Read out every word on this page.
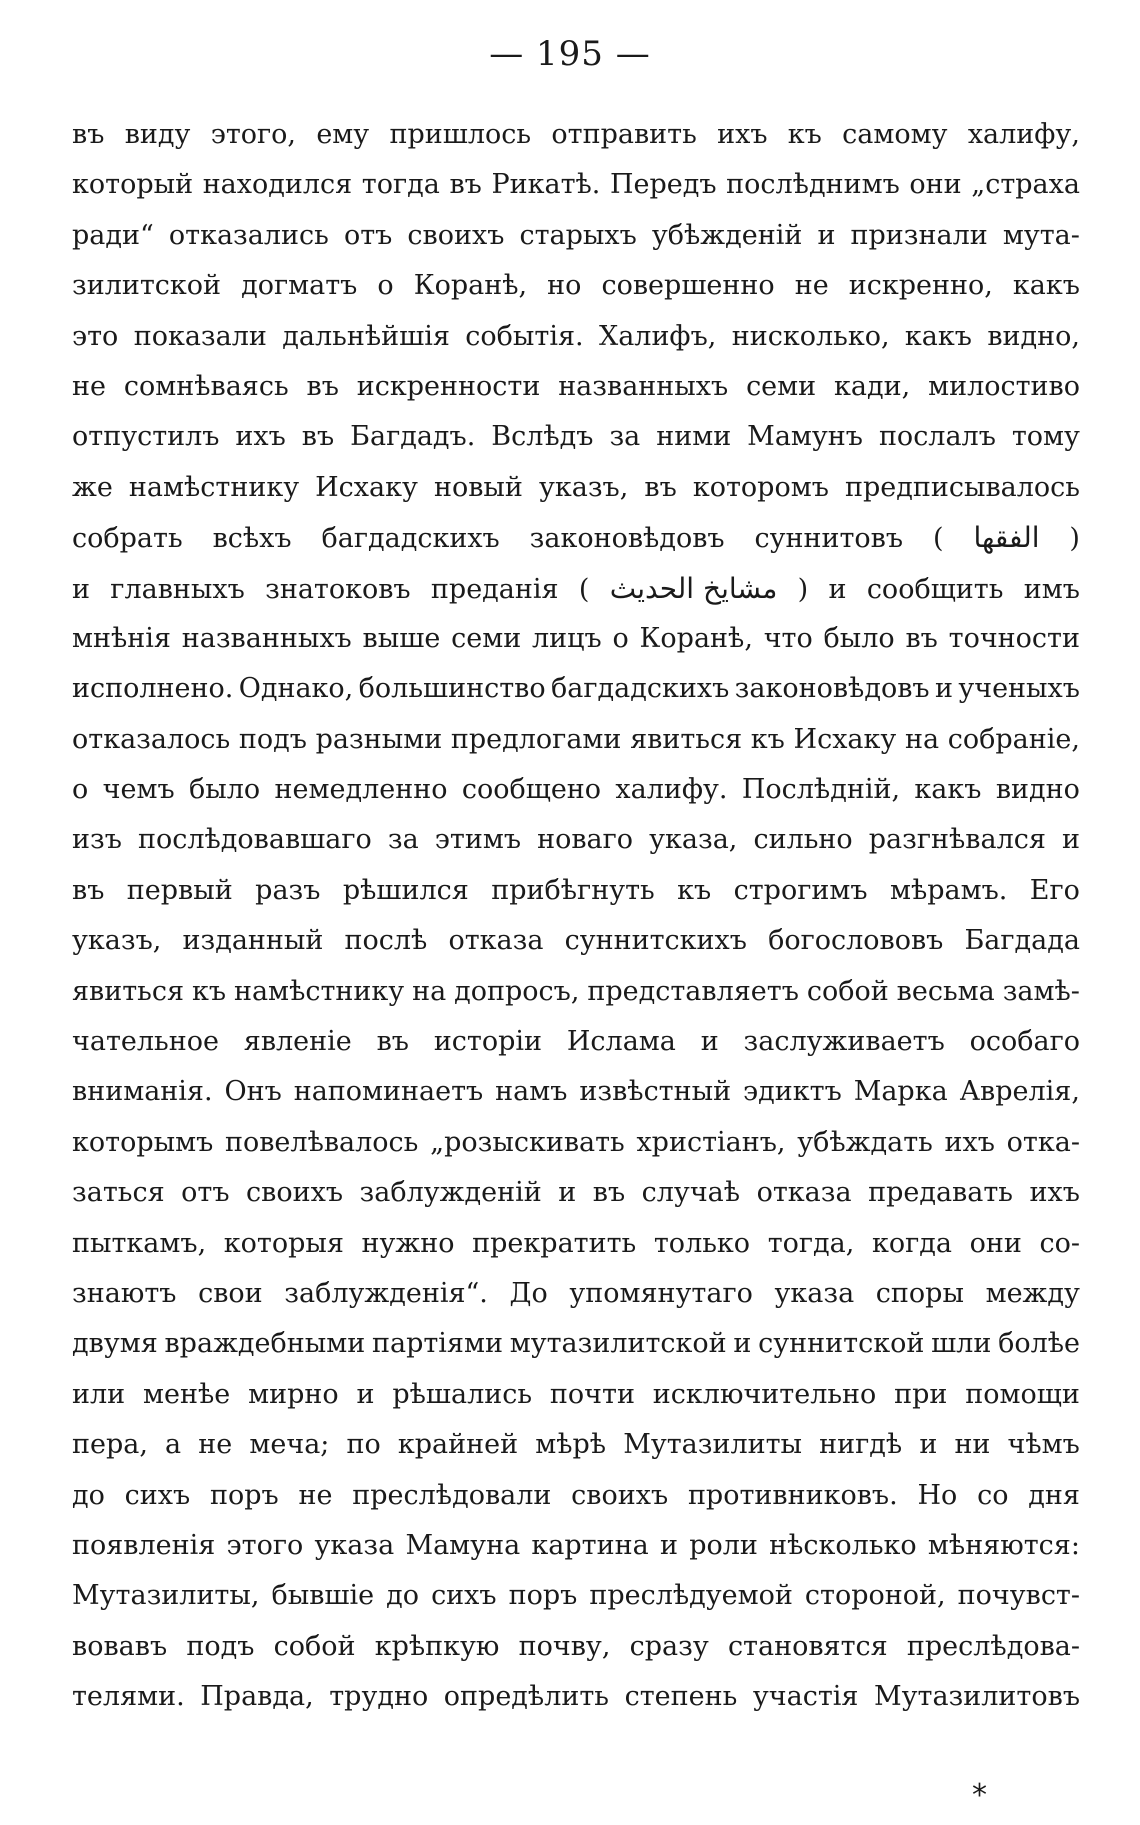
— 195 —
въ виду этого, ему пришлось отправить ихъ къ самому халифу,
который находился тогда въ Рикатѣ. Передъ послѣднимъ они „страха
ради“ отказались отъ своихъ старыхъ убѣжденій и признали мута-
зилитской догматъ о Коранѣ, но совершенно не искренно, какъ
это показали дальнѣйшія событія. Халифъ, нисколько, какъ видно,
не сомнѣваясь въ искренности названныхъ семи кади, милостиво
отпустилъ ихъ въ Багдадъ. Вслѣдъ за ними Мамунъ послалъ тому
же намѣстнику Исхаку новый указъ, въ которомъ предписывалось
собрать всѣхъ багдадскихъ законовѣдовъ суннитовъ ( الفقها )
и главныхъ знатоковъ преданія ( مشايخ الحديث ) и сообщить имъ
мнѣнія названныхъ выше семи лицъ о Коранѣ, что было въ точности
исполнено. Однако, большинство багдадскихъ законовѣдовъ и ученыхъ
отказалось подъ разными предлогами явиться къ Исхаку на собраніе,
о чемъ было немедленно сообщено халифу. Послѣдній, какъ видно
изъ послѣдовавшаго за этимъ новаго указа, сильно разгнѣвался и
въ первый разъ рѣшился прибѣгнуть къ строгимъ мѣрамъ. Его
указъ, изданный послѣ отказа суннитскихъ богослововъ Багдада
явиться къ намѣстнику на допросъ, представляетъ собой весьма замѣ-
чательное явленіе въ исторіи Ислама и заслуживаетъ особаго
вниманія. Онъ напоминаетъ намъ извѣстный эдиктъ Марка Аврелія,
которымъ повелѣвалось „розыскивать христіанъ, убѣждать ихъ отка-
заться отъ своихъ заблужденій и въ случаѣ отказа предавать ихъ
пыткамъ, которыя нужно прекратить только тогда, когда они со-
знаютъ свои заблужденія“. До упомянутаго указа споры между
двумя враждебными партіями мутазилитской и суннитской шли болѣе
или менѣе мирно и рѣшались почти исключительно при помощи
пера, а не меча; по крайней мѣрѣ Мутазилиты нигдѣ и ни чѣмъ
до сихъ поръ не преслѣдовали своихъ противниковъ. Но со дня
появленія этого указа Мамуна картина и роли нѣсколько мѣняются:
Мутазилиты, бывшіе до сихъ поръ преслѣдуемой стороной, почувст-
вовавъ подъ собой крѣпкую почву, сразу становятся преслѣдова-
телями. Правда, трудно опредѣлить степень участія Мутазилитовъ
*
